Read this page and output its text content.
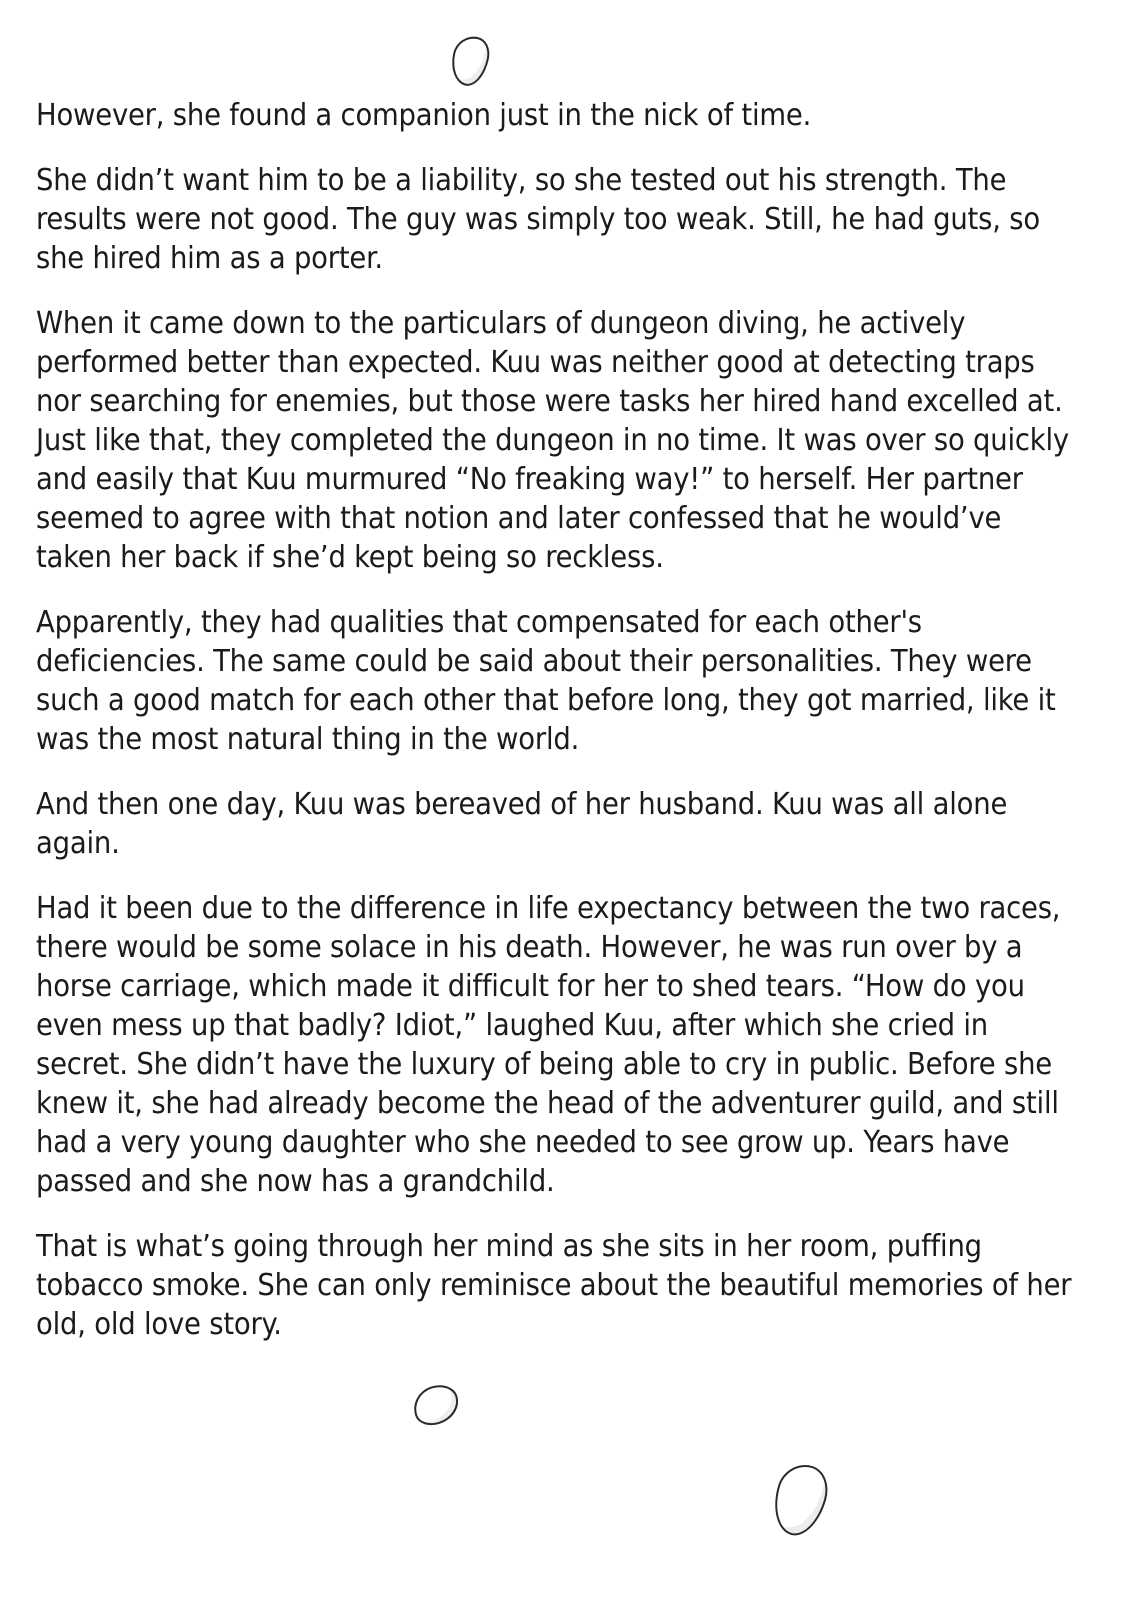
However, she found a companion just in the nick of time.

She didn’t want him to be a liability, so she tested out his strength. The results were not good. The guy was simply too weak. Still, he had guts, so she hired him as a porter.

When it came down to the particulars of dungeon diving, he actively performed better than expected. Kuu was neither good at detecting traps nor searching for enemies, but those were tasks her hired hand excelled at. Just like that, they completed the dungeon in no time. It was over so quickly and easily that Kuu murmured “No freaking way!” to herself. Her partner seemed to agree with that notion and later confessed that he would’ve taken her back if she’d kept being so reckless.

Apparently, they had qualities that compensated for each other's deficiencies. The same could be said about their personalities. They were such a good match for each other that before long, they got married, like it was the most natural thing in the world.

And then one day, Kuu was bereaved of her husband. Kuu was all alone again.

Had it been due to the difference in life expectancy between the two races, there would be some solace in his death. However, he was run over by a horse carriage, which made it difficult for her to shed tears. “How do you even mess up that badly? Idiot,” laughed Kuu, after which she cried in secret. She didn’t have the luxury of being able to cry in public. Before she knew it, she had already become the head of the adventurer guild, and still had a very young daughter who she needed to see grow up. Years have passed and she now has a grandchild.

That is what’s going through her mind as she sits in her room, puffing tobacco smoke. She can only reminisce about the beautiful memories of her old, old love story.
